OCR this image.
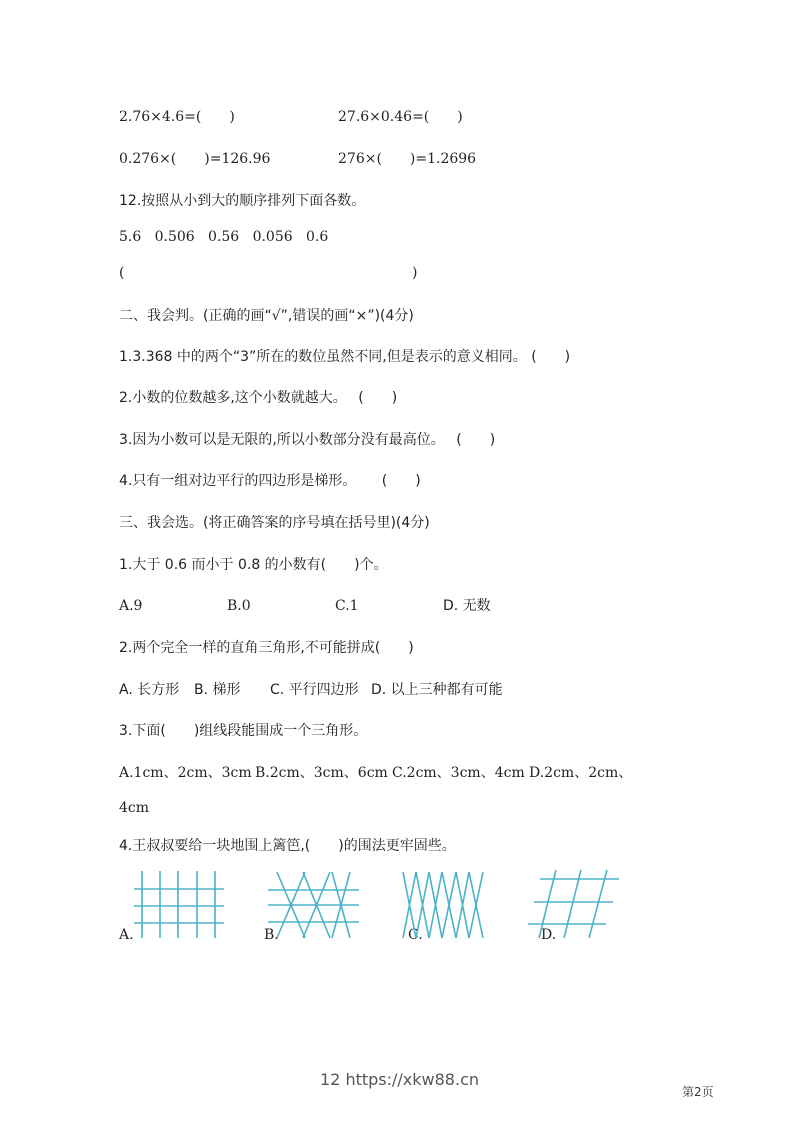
2.76×4.6=(　　)	27.6×0.46=(　　)
0.276×(　　)=126.96	276×(　　)=1.2696
12.按照从小到大的顺序排列下面各数。
5.6   0.506   0.56   0.056   0.6
(	)
二、我会判。(正确的画“√”,错误的画“×”)(4分)
1.3.368 中的两个“3”所在的数位虽然不同,但是表示的意义相同。 (　　)
2.小数的位数越多,这个小数就越大。　 (　　)
3.因为小数可以是无限的,所以小数部分没有最高位。　 (　　)
4.只有一组对边平行的四边形是梯形。　 　(　　)
三、我会选。(将正确答案的序号填在括号里)(4分)
1.大于 0.6 而小于 0.8 的小数有(　　)个。
A.9	B.0	C.1	D. 无数
2.两个完全一样的直角三角形,不可能拼成(　　)
A. 长方形 B. 梯形 C. 平行四边形 D. 以上三种都有可能
3.下面(　　)组线段能围成一个三角形。
A.1cm、2cm、3cm B.2cm、3cm、6cm C.2cm、3cm、4cm D.2cm、2cm、
4cm
4.王叔叔要给一块地围上篱笆,(　　)的围法更牢固些。
A.	B.	C.	D.
12 https://xkw88.cn
第2页
